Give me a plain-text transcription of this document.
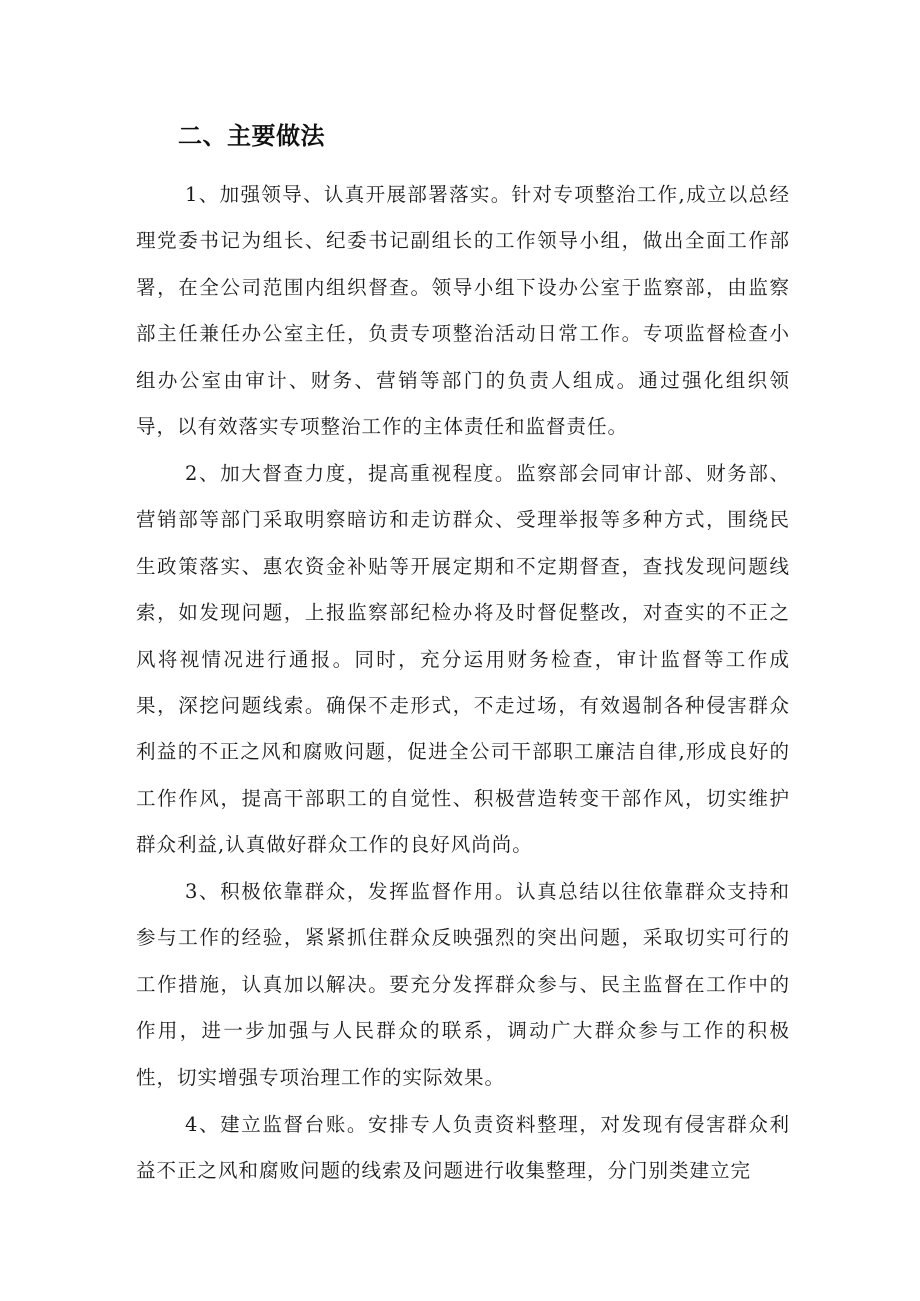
二、主要做法

1、加强领导、认真开展部署落实。针对专项整治工作,成立以总经理党委书记为组长、纪委书记副组长的工作领导小组，做出全面工作部署，在全公司范围内组织督查。领导小组下设办公室于监察部，由监察部主任兼任办公室主任，负责专项整治活动日常工作。专项监督检查小组办公室由审计、财务、营销等部门的负责人组成。通过强化组织领导，以有效落实专项整治工作的主体责任和监督责任。

2、加大督查力度，提高重视程度。监察部会同审计部、财务部、营销部等部门采取明察暗访和走访群众、受理举报等多种方式，围绕民生政策落实、惠农资金补贴等开展定期和不定期督查，查找发现问题线索，如发现问题，上报监察部纪检办将及时督促整改，对查实的不正之风将视情况进行通报。同时，充分运用财务检查，审计监督等工作成果，深挖问题线索。确保不走形式，不走过场，有效遏制各种侵害群众利益的不正之风和腐败问题，促进全公司干部职工廉洁自律,形成良好的工作作风，提高干部职工的自觉性、积极营造转变干部作风，切实维护群众利益,认真做好群众工作的良好风尚尚。

3、积极依靠群众，发挥监督作用。认真总结以往依靠群众支持和参与工作的经验，紧紧抓住群众反映强烈的突出问题，采取切实可行的工作措施，认真加以解决。要充分发挥群众参与、民主监督在工作中的作用，进一步加强与人民群众的联系，调动广大群众参与工作的积极性，切实增强专项治理工作的实际效果。

4、建立监督台账。安排专人负责资料整理，对发现有侵害群众利益不正之风和腐败问题的线索及问题进行收集整理，分门别类建立完
